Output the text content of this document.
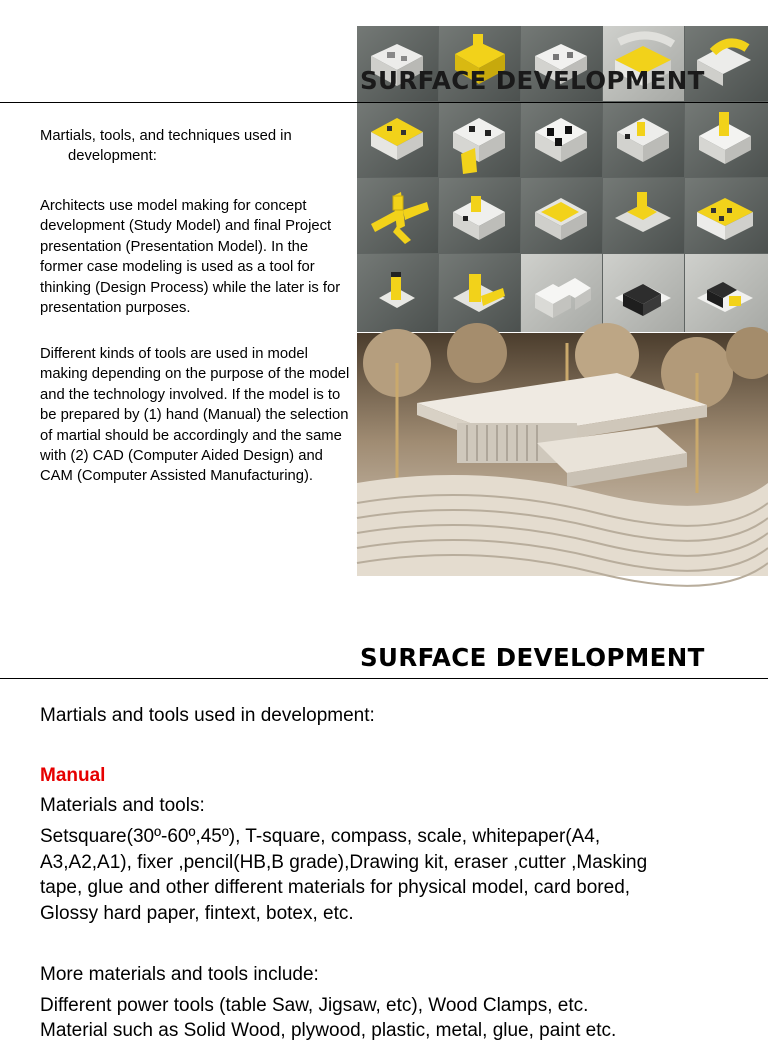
SURFACE DEVELOPMENT
Martials, tools, and techniques used in
development:
Architects use model making for concept development (Study Model) and final Project presentation (Presentation Model). In the former case modeling is used as a tool for thinking (Design Process) while the later is for presentation purposes.
Different kinds of tools are used in model making depending on the purpose of the model and the technology involved. If the model is to be prepared by (1) hand (Manual) the selection of martial should be accordingly and the same with (2) CAD (Computer Aided Design) and CAM (Computer Assisted Manufacturing).
SURFACE DEVELOPMENT
Martials and tools used in development:
Manual
Materials and tools:
Setsquare(30º-60º,45º), T-square, compass, scale, whitepaper(A4,
A3,A2,A1), fixer ,pencil(HB,B grade),Drawing kit, eraser ,cutter ,Masking
tape, glue and other different materials for physical model, card bored,
Glossy hard paper, fintext, botex, etc.
More materials and tools include:
Different power tools (table Saw, Jigsaw, etc), Wood Clamps, etc.
Material such as Solid Wood, plywood, plastic, metal, glue, paint etc.
